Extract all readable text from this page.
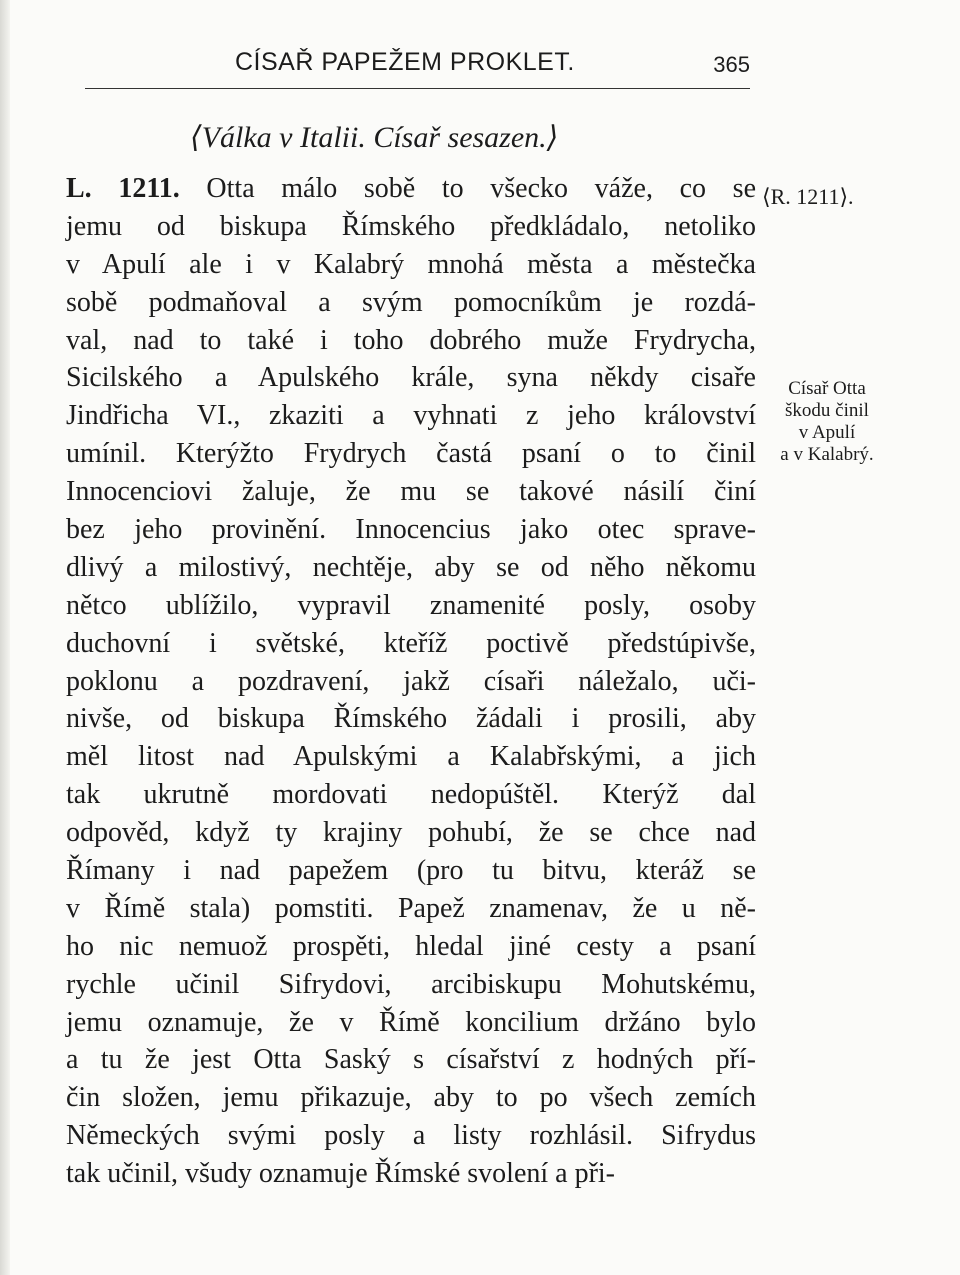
CÍSAŘ PAPEŽEM PROKLET.	365
⟨Válka v Italii. Císař sesazen.⟩
⟨R. 1211⟩.
Císař Otta
škodu činil
v Apulí
a v Kalabrý.
L. 1211. Otta málo sobě to všecko váže, co se
jemu od biskupa Římského předkládalo, netoliko
v Apulí ale i v Kalabrý mnohá města a městečka
sobě podmaňoval a svým pomocníkům je rozdá-
val, nad to také i toho dobrého muže Frydrycha,
Sicilského a Apulského krále, syna někdy cisaře
Jindřicha VI., zkaziti a vyhnati z jeho království
umínil. Kterýžto Frydrych častá psaní o to činil
Innocenciovi žaluje, že mu se takové násilí činí
bez jeho provinění. Innocencius jako otec sprave-
dlivý a milostivý, nechtěje, aby se od něho někomu
nětco ublížilo, vypravil znamenité posly, osoby
duchovní i světské, kteříž poctivě předstúpivše,
poklonu a pozdravení, jakž císaři náležalo, uči-
nivše, od biskupa Římského žádali i prosili, aby
měl litost nad Apulskými a Kalabřskými, a jich
tak ukrutně mordovati nedopúštěl. Kterýž dal
odpověd, když ty krajiny pohubí, že se chce nad
Římany i nad papežem (pro tu bitvu, kteráž se
v Římě stala) pomstiti. Papež znamenav, že u ně-
ho nic nemuož prospěti, hledal jiné cesty a psaní
rychle učinil Sifrydovi, arcibiskupu Mohutskému,
jemu oznamuje, že v Římě koncilium držáno bylo
a tu že jest Otta Saský s císařství z hodných pří-
čin složen, jemu přikazuje, aby to po všech zemích
Německých svými posly a listy rozhlásil. Sifrydus
tak učinil, všudy oznamuje Římské svolení a při-
